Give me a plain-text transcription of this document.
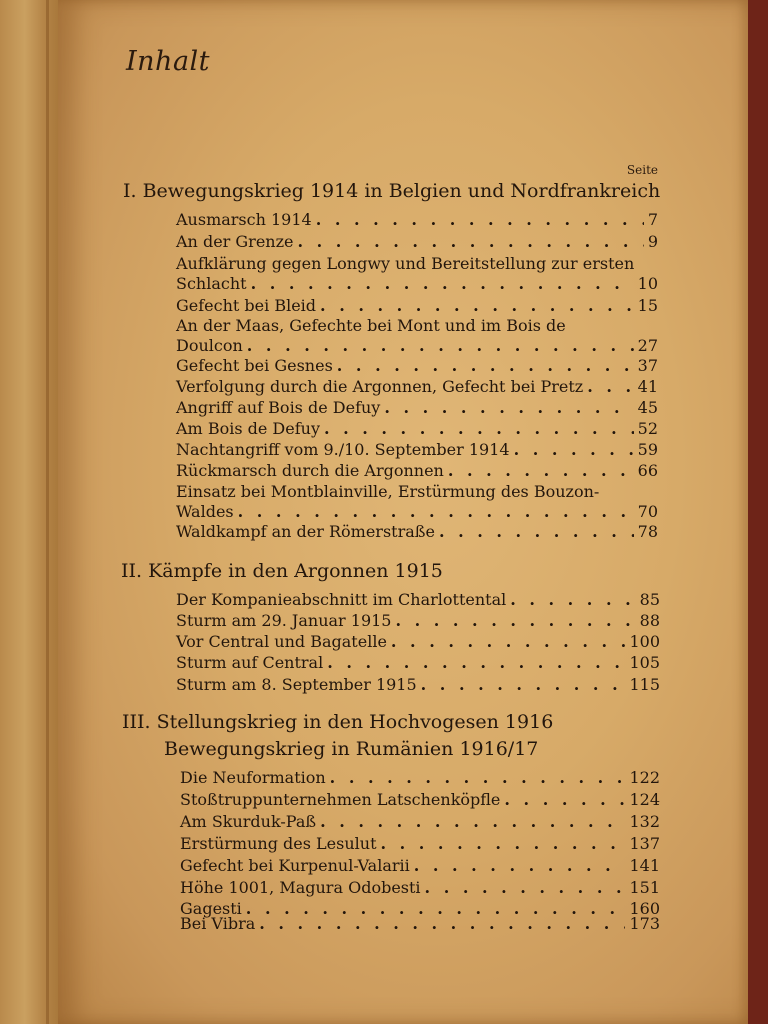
Inhalt
Seite
I. Bewegungskrieg 1914 in Belgien und Nordfrankreich
Ausmarsch 1914 . . .	7
An der Grenze . . .	9
Aufklärung gegen Longwy und Bereitstellung zur ersten
Schlacht . . .	10
Gefecht bei Bleid . . .	15
An der Maas, Gefechte bei Mont und im Bois de
Doulcon . . .	27
Gefecht bei Gesnes . . .	37
Verfolgung durch die Argonnen, Gefecht bei Pretz . . .	41
Angriff auf Bois de Defuy . . .	45
Am Bois de Defuy . . .	52
Nachtangriff vom 9./10. September 1914 . . .	59
Rückmarsch durch die Argonnen . . .	66
Einsatz bei Montblainville, Erstürmung des Bouzon-
Waldes . . .	70
Waldkampf an der Römerstraße . . .	78
II. Kämpfe in den Argonnen 1915
Der Kompanieabschnitt im Charlottental . . .	85
Sturm am 29. Januar 1915 . . .	88
Vor Central und Bagatelle . . .	100
Sturm auf Central . . .	105
Sturm am 8. September 1915 . . .	115
III. Stellungskrieg in den Hochvogesen 1916
Bewegungskrieg in Rumänien 1916/17
Die Neuformation . . .	122
Stoßtruppunternehmen Latschenköpfle . . .	124
Am Skurduk-Paß . . .	132
Erstürmung des Lesulut . . .	137
Gefecht bei Kurpenul-Valarii . . .	141
Höhe 1001, Magura Odobesti . . .	151
Gagesti . . .	160
Bei Vibra . . .	173
